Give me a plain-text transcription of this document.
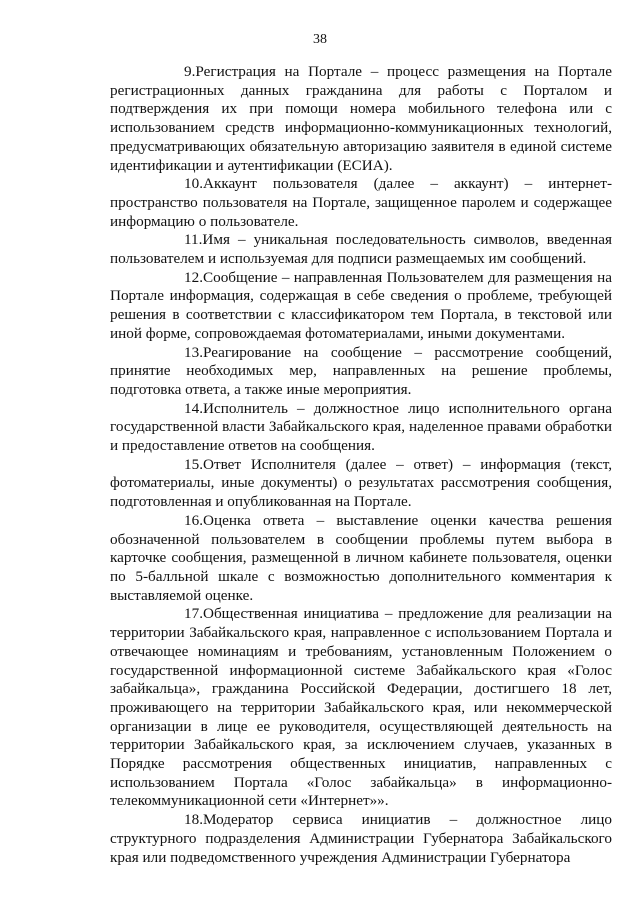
38

9.Регистрация на Портале – процесс размещения на Портале регистрационных данных гражданина для работы с Порталом и подтверждения их при помощи номера мобильного телефона или с использованием средств информационно-коммуникационных технологий, предусматривающих обязательную авторизацию заявителя в единой системе идентификации и аутентификации (ЕСИА).

10.Аккаунт пользователя (далее – аккаунт) – интернет-пространство пользователя на Портале, защищенное паролем и содержащее информацию о пользователе.

11.Имя – уникальная последовательность символов, введенная пользователем и используемая для подписи размещаемых им сообщений.

12.Сообщение – направленная Пользователем для размещения на Портале информация, содержащая в себе сведения о проблеме, требующей решения в соответствии с классификатором тем Портала, в текстовой или иной форме, сопровождаемая фотоматериалами, иными документами.

13.Реагирование на сообщение – рассмотрение сообщений, принятие необходимых мер, направленных на решение проблемы, подготовка ответа, а также иные мероприятия.

14.Исполнитель – должностное лицо исполнительного органа государственной власти Забайкальского края, наделенное правами обработки и предоставление ответов на сообщения.

15.Ответ Исполнителя (далее – ответ) – информация (текст, фотоматериалы, иные документы) о результатах рассмотрения сообщения, подготовленная и опубликованная на Портале.

16.Оценка ответа – выставление оценки качества решения обозначенной пользователем в сообщении проблемы путем выбора в карточке сообщения, размещенной в личном кабинете пользователя, оценки по 5-балльной шкале с возможностью дополнительного комментария к выставляемой оценке.

17.Общественная инициатива – предложение для реализации на территории Забайкальского края, направленное с использованием Портала и отвечающее номинациям и требованиям, установленным Положением о государственной информационной системе Забайкальского края «Голос забайкальца», гражданина Российской Федерации, достигшего 18 лет, проживающего на территории Забайкальского края, или некоммерческой организации в лице ее руководителя, осуществляющей деятельность на территории Забайкальского края, за исключением случаев, указанных в Порядке рассмотрения общественных инициатив, направленных с использованием Портала «Голос забайкальца» в информационно-телекоммуникационной сети «Интернет»».

18.Модератор сервиса инициатив – должностное лицо структурного подразделения Администрации Губернатора Забайкальского края или подведомственного учреждения Администрации Губернатора
